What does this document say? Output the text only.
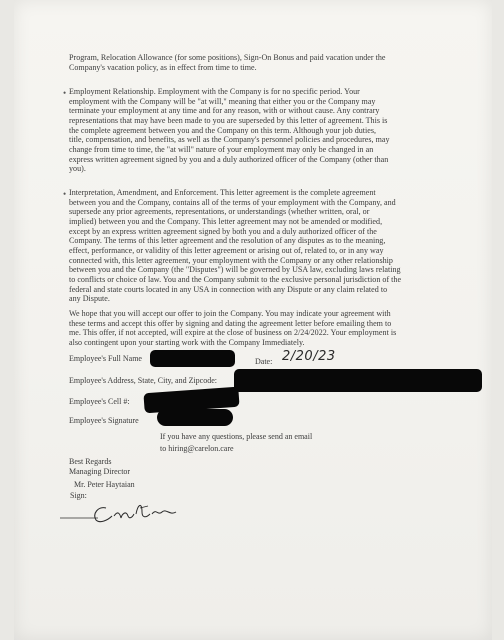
Program, Relocation Allowance (for some positions), Sign-On Bonus and paid vacation under the
Company's vacation policy, as in effect from time to time.
• Employment Relationship. Employment with the Company is for no specific period. Your
employment with the Company will be "at will," meaning that either you or the Company may
terminate your employment at any time and for any reason, with or without cause. Any contrary
representations that may have been made to you are superseded by this letter of agreement. This is
the complete agreement between you and the Company on this term. Although your job duties,
title, compensation, and benefits, as well as the Company's personnel policies and procedures, may
change from time to time, the "at will" nature of your employment may only be changed in an
express written agreement signed by you and a duly authorized officer of the Company (other than
you).
• Interpretation, Amendment, and Enforcement. This letter agreement is the complete agreement
between you and the Company, contains all of the terms of your employment with the Company, and
supersede any prior agreements, representations, or understandings (whether written, oral, or
implied) between you and the Company. This letter agreement may not be amended or modified,
except by an express written agreement signed by both you and a duly authorized officer of the
Company. The terms of this letter agreement and the resolution of any disputes as to the meaning,
effect, performance, or validity of this letter agreement or arising out of, related to, or in any way
connected with, this letter agreement, your employment with the Company or any other relationship
between you and the Company (the "Disputes") will be governed by USA law, excluding laws relating
to conflicts or choice of law. You and the Company submit to the exclusive personal jurisdiction of the
federal and state courts located in any USA in connection with any Dispute or any claim related to
any Dispute.
We hope that you will accept our offer to join the Company. You may indicate your agreement with
these terms and accept this offer by signing and dating the agreement letter before emailing them to
me. This offer, if not accepted, will expire at the close of business on 2/24/2022. Your employment is
also contingent upon your starting work with the Company Immediately.
Employee's Full Name	Date: 2/20/23
Employee's Address, State, City, and Zipcode:
Employee's Cell #:
Employee's Signature
If you have any questions, please send an email
to hiring@carelon.care
Best Regards
Managing Director
Mr. Peter Haytaian
Sign:
